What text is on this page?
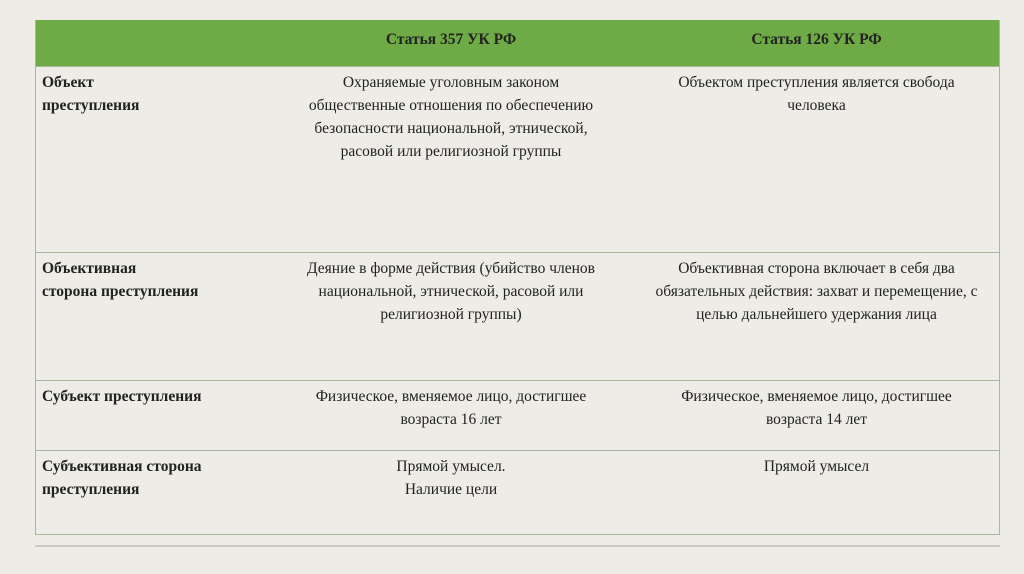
Статья 357 УК РФ	Статья 126 УК РФ
Объект
преступления
Охраняемые уголовным законом
общественные отношения по обеспечению
безопасности национальной, этнической,
расовой или религиозной группы
Объектом преступления является свобода
человека
Объективная
сторона преступления
Деяние в форме действия (убийство членов
национальной, этнической, расовой или
религиозной группы)
Объективная сторона включает в себя два
обязательных действия: захват и перемещение, с
целью дальнейшего удержания лица
Субъект преступления	Физическое, вменяемое лицо, достигшее
возраста 16 лет
Физическое, вменяемое лицо, достигшее
возраста 14 лет
Субъективная сторона
преступления
Прямой умысел.
Наличие цели
Прямой умысел
